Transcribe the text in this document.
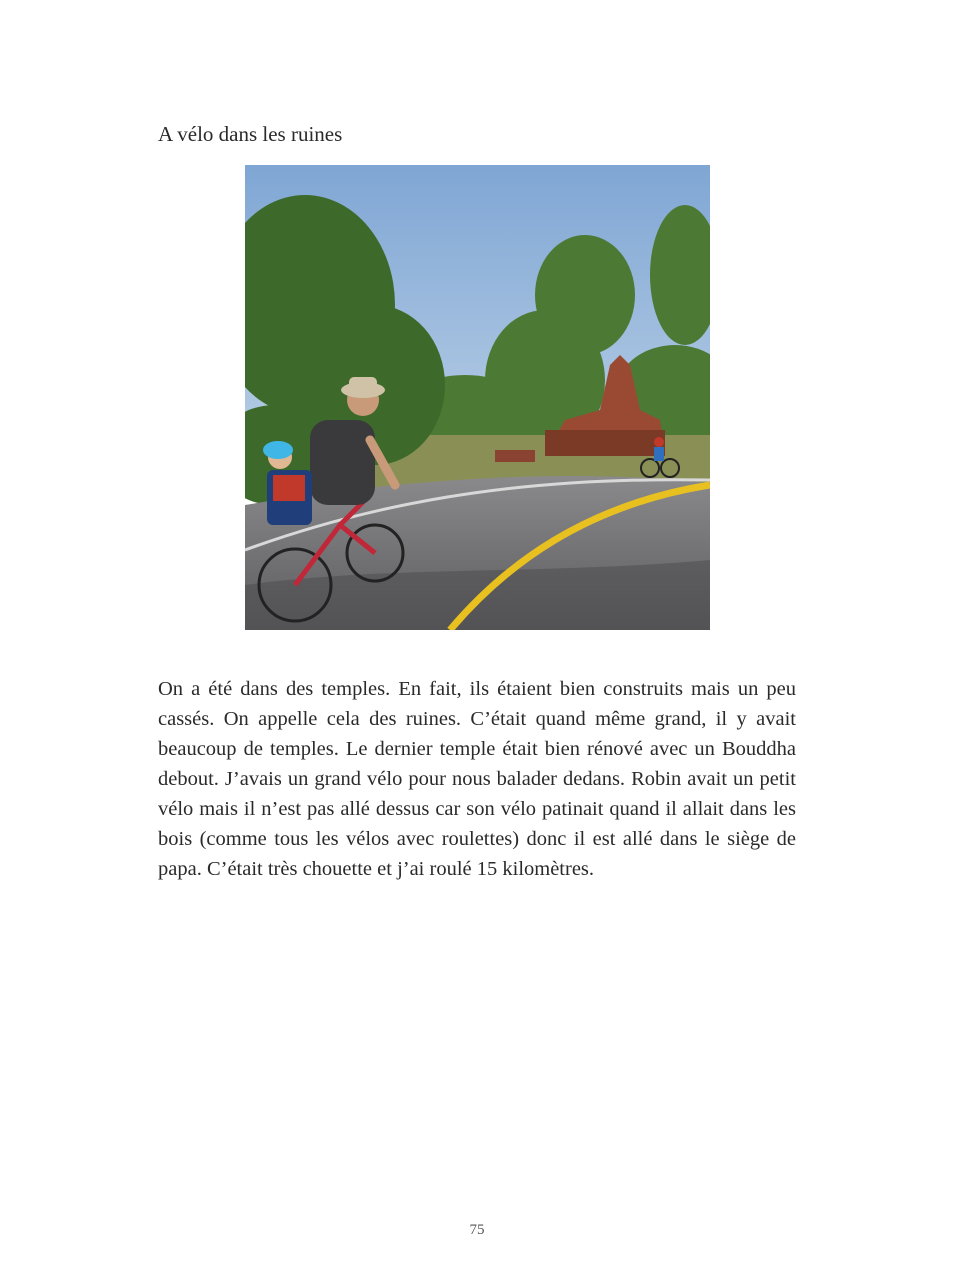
A vélo dans les ruines

On a été dans des temples. En fait, ils étaient bien construits mais un peu cassés. On appelle cela des ruines. C’était quand même grand, il y avait beaucoup de temples. Le dernier temple était bien rénové avec un Bouddha debout. J’avais un grand vélo pour nous balader dedans. Robin avait un petit vélo mais il n’est pas allé dessus car son vélo patinait quand il allait dans les bois (comme tous les vélos avec roulettes) donc il est allé dans le siège de papa. C’était très chouette et j’ai roulé 15 kilomètres.

75
